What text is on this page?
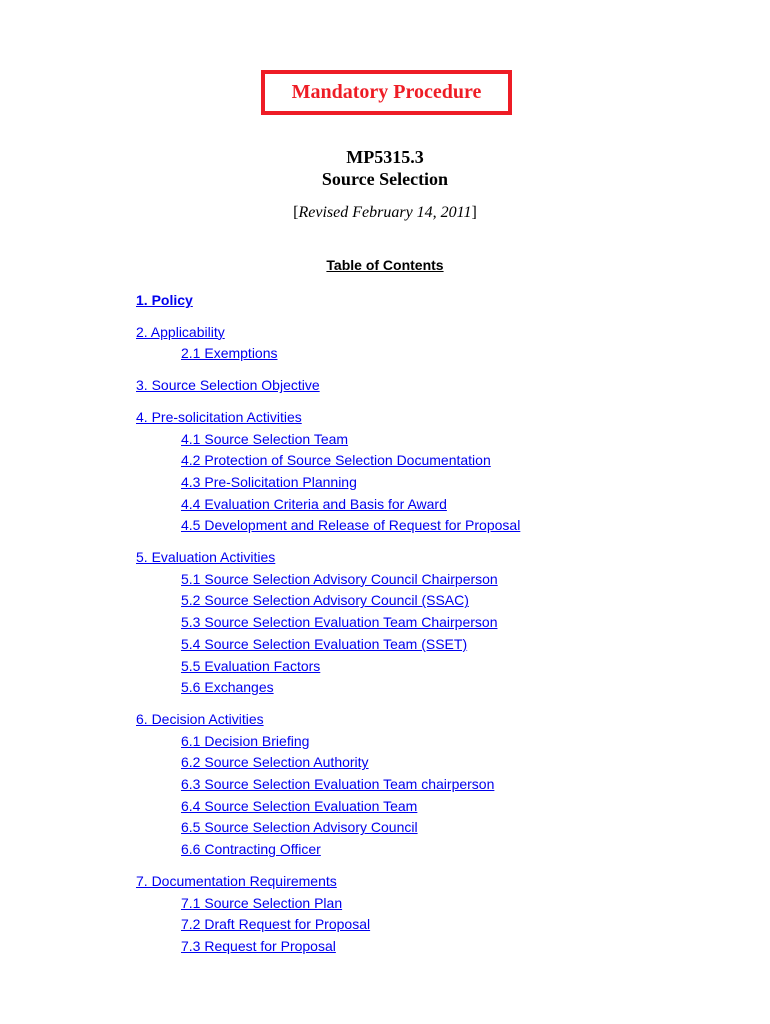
Mandatory Procedure
MP5315.3
Source Selection
[Revised February 14, 2011]
Table of Contents
1. Policy
2. Applicability
2.1 Exemptions
3. Source Selection Objective
4. Pre-solicitation Activities
4.1 Source Selection Team
4.2 Protection of Source Selection Documentation
4.3 Pre-Solicitation Planning
4.4 Evaluation Criteria and Basis for Award
4.5 Development and Release of Request for Proposal
5. Evaluation Activities
5.1 Source Selection Advisory Council Chairperson
5.2 Source Selection Advisory Council (SSAC)
5.3 Source Selection Evaluation Team Chairperson
5.4 Source Selection Evaluation Team (SSET)
5.5 Evaluation Factors
5.6 Exchanges
6. Decision Activities
6.1 Decision Briefing
6.2 Source Selection Authority
6.3 Source Selection Evaluation Team chairperson
6.4 Source Selection Evaluation Team
6.5 Source Selection Advisory Council
6.6 Contracting Officer
7. Documentation Requirements
7.1 Source Selection Plan
7.2 Draft Request for Proposal
7.3 Request for Proposal
